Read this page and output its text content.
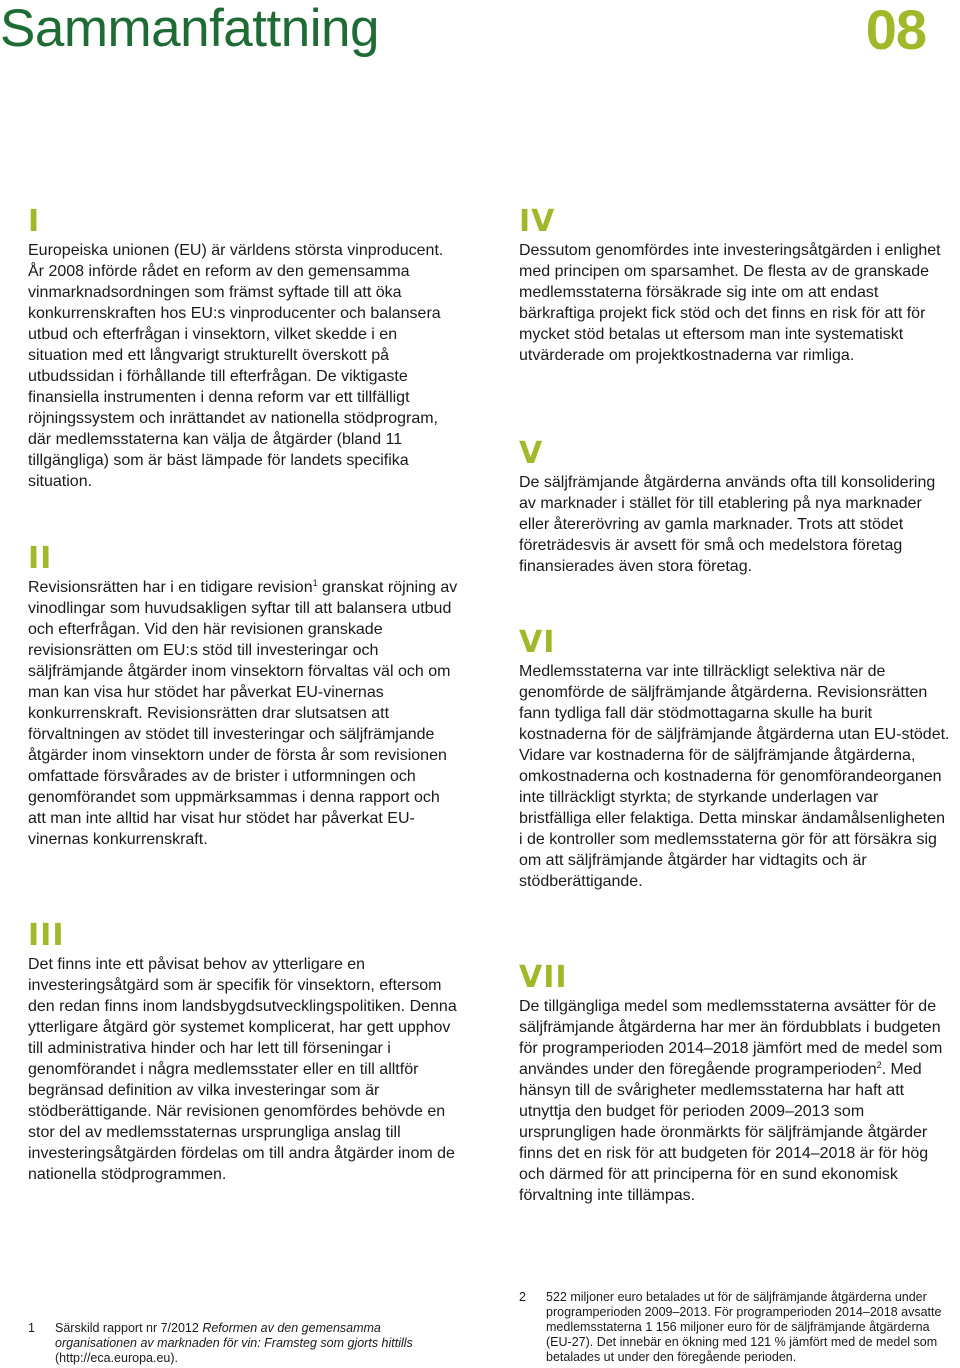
Sammanfattning	08
I

Europeiska unionen (EU) är världens största vinproducent. År 2008 införde rådet en reform av den gemensamma vinmarknadsordningen som främst syftade till att öka konkurrenskraften hos EU:s vinproducenter och balansera utbud och efterfrågan i vinsektorn, vilket skedde i en situation med ett långvarigt strukturellt överskott på utbudssidan i förhållande till efterfrågan. De viktigaste finansiella instrumenten i denna reform var ett tillfälligt röjningssystem och inrättandet av nationella stödprogram, där medlemsstaterna kan välja de åtgärder (bland 11 tillgängliga) som är bäst lämpade för landets specifika situation.

II

Revisionsrätten har i en tidigare revision$^1$ granskat röjning av vinodlingar som huvudsakligen syftar till att balansera utbud och efterfrågan. Vid den här revisionen granskade revisionsrätten om EU:s stöd till investeringar och säljfrämjande åtgärder inom vinsektorn förvaltas väl och om man kan visa hur stödet har påverkat EU-vinernas konkurrenskraft. Revisionsrätten drar slutsatsen att förvaltningen av stödet till investeringar och säljfrämjande åtgärder inom vinsektorn under de första år som revisionen omfattade försvårades av de brister i utformningen och genomförandet som uppmärksammas i denna rapport och att man inte alltid har visat hur stödet har påverkat EU-vinernas konkurrenskraft.

III

Det finns inte ett påvisat behov av ytterligare en investeringsåtgärd som är specifik för vinsektorn, eftersom den redan finns inom landsbygdsutvecklingspolitiken. Denna ytterligare åtgärd gör systemet komplicerat, har gett upphov till administrativa hinder och har lett till förseningar i genomförandet i några medlemsstater eller en till alltför begränsad definition av vilka investeringar som är stödberättigande. När revisionen genomfördes behövde en stor del av medlemsstaternas ursprungliga anslag till investeringsåtgärden fördelas om till andra åtgärder inom de nationella stödprogrammen.

IV

Dessutom genomfördes inte investeringsåtgärden i enlighet med principen om sparsamhet. De flesta av de granskade medlemsstaterna försäkrade sig inte om att endast bärkraftiga projekt fick stöd och det finns en risk för att för mycket stöd betalas ut eftersom man inte systematiskt utvärderade om projektkostnaderna var rimliga.

V

De säljfrämjande åtgärderna används ofta till konsolidering av marknader i stället för till etablering på nya marknader eller återerövring av gamla marknader. Trots att stödet företrädesvis är avsett för små och medelstora företag finansierades även stora företag.

VI

Medlemsstaterna var inte tillräckligt selektiva när de genomförde de säljfrämjande åtgärderna. Revisionsrätten fann tydliga fall där stödmottagarna skulle ha burit kostnaderna för de säljfrämjande åtgärderna utan EU-stödet. Vidare var kostnaderna för de säljfrämjande åtgärderna, omkostnaderna och kostnaderna för genomförandeorganen inte tillräckligt styrkta; de styrkande underlagen var bristfälliga eller felaktiga. Detta minskar ändamålsenligheten i de kontroller som medlemsstaterna gör för att försäkra sig om att säljfrämjande åtgärder har vidtagits och är stödberättigande.

VII

De tillgängliga medel som medlemsstaterna avsätter för de säljfrämjande åtgärderna har mer än fördubblats i budgeten för programperioden 2014–2018 jämfört med de medel som användes under den föregående programperioden$^2$. Med hänsyn till de svårigheter medlemsstaterna har haft att utnyttja den budget för perioden 2009–2013 som ursprungligen hade öronmärkts för säljfrämjande åtgärder finns det en risk för att budgeten för 2014–2018 är för hög och därmed för att principerna för en sund ekonomisk förvaltning inte tillämpas.

1 Särskild rapport nr 7/2012 Reformen av den gemensamma organisationen av marknaden för vin: Framsteg som gjorts hittills (http://eca.europa.eu).
2 522 miljoner euro betalades ut för de säljfrämjande åtgärderna under programperioden 2009–2013. För programperioden 2014–2018 avsatte medlemsstaterna 1 156 miljoner euro för de säljfrämjande åtgärderna (EU-27). Det innebär en ökning med 121 % jämfört med de medel som betalades ut under den föregående perioden.
